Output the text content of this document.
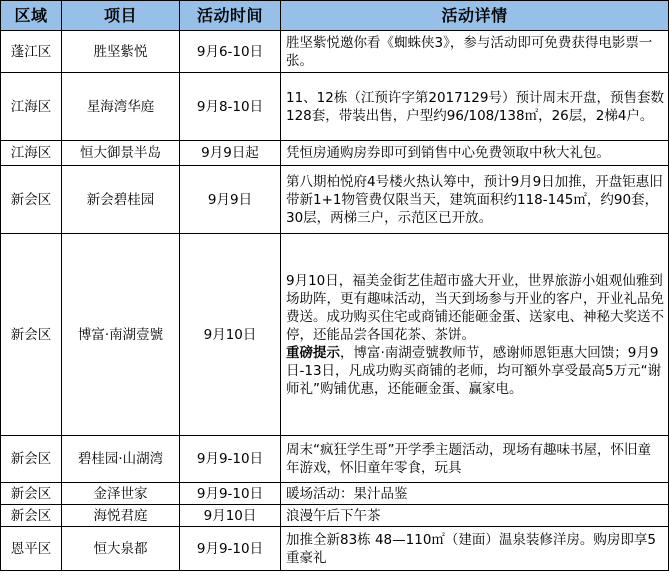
区域	项目	活动时间	活动详情
蓬江区	胜坚紫悦	9月6-10日	胜坚紫悦邀你看《蜘蛛侠3》，参与活动即可免费获得电影票一张。
江海区	星海湾华庭	9月8-10日	11、12栋（江预许字第2017129号）预计周末开盘，预售套数128套，带装出售，户型约96/108/138㎡，26层，2梯4户。
江海区	恒大御景半岛	9月9日起	凭恒房通购房券即可到销售中心免费领取中秋大礼包。
新会区	新会碧桂园	9月9日	第八期柏悦府4号楼火热认筹中，预计9月9日加推，开盘钜惠旧带新1+1物管费仅限当天，建筑面积约118-145㎡，约90套，30层，两梯三户，示范区已开放。
新会区	博富·南湖壹號	9月10日	9月10日，福美金街艺佳超市盛大开业，世界旅游小姐观仙雅到场助阵，更有趣味活动，当天到场参与开业的客户，开业礼品免费送。成功购买住宅或商铺还能砸金蛋、送家电、神秘大奖送不停，还能品尝各国花茶、茶饼。
重磅提示，博富·南湖壹號教师节，感谢师恩钜惠大回馈；9月9日-13日，凡成功购买商铺的老师，均可額外享受最高5万元“谢师礼”购铺优惠，还能砸金蛋、赢家电。

新会区	碧桂园·山湖湾	9月9-10日	周末“疯狂学生哥”开学季主题活动，现场有趣味书屋，怀旧童年游戏，怀旧童年零食，玩具
新会区	金泽世家	9月9-10日	暖场活动：果汁品鉴
新会区	海悦君庭	9月10日	浪漫午后下午茶
恩平区	恒大泉都	9月9-10日	加推全新83栋 48—110㎡（建面）温泉装修洋房。购房即享5重豪礼
